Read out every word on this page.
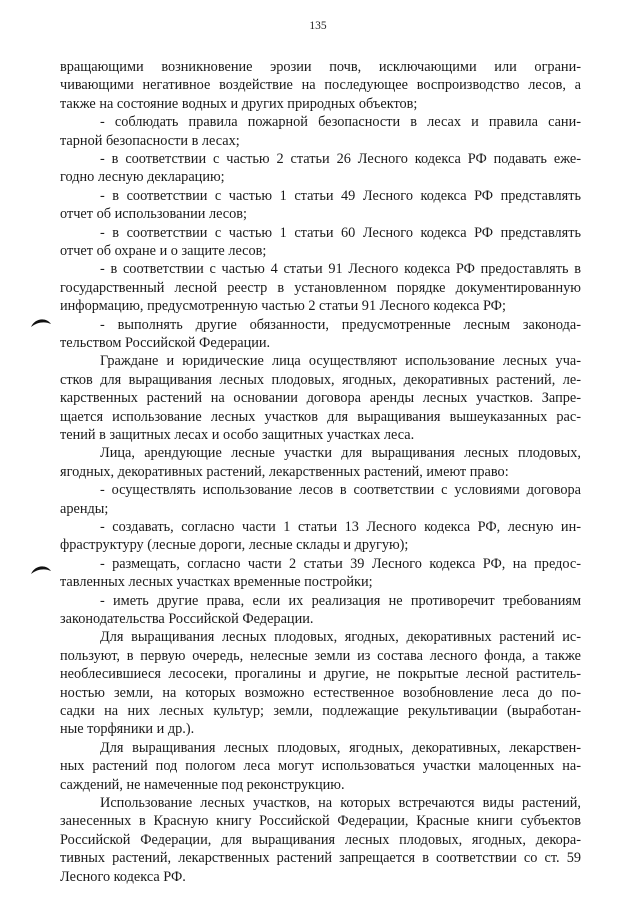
135
вращающими возникновение эрозии почв, исключающими или ограни-
чивающими негативное воздействие на последующее воспроизводство лесов, а
также на состояние водных и других природных объектов;
- соблюдать правила пожарной безопасности в лесах и правила сани-
тарной безопасности в лесах;
- в соответствии с частью 2 статьи 26 Лесного кодекса РФ подавать еже-
годно лесную декларацию;
- в соответствии с частью 1 статьи 49 Лесного кодекса РФ представлять
отчет об использовании лесов;
- в соответствии с частью 1 статьи 60 Лесного кодекса РФ представлять
отчет об охране и о защите лесов;
- в соответствии с частью 4 статьи 91 Лесного кодекса РФ предоставлять в
государственный лесной реестр в установленном порядке документированную
информацию, предусмотренную частью 2 статьи 91 Лесного кодекса РФ;
- выполнять другие обязанности, предусмотренные лесным законода-
тельством Российской Федерации.
Граждане и юридические лица осуществляют использование лесных уча-
стков для выращивания лесных плодовых, ягодных, декоративных растений, ле-
карственных растений на основании договора аренды лесных участков. Запре-
щается использование лесных участков для выращивания вышеуказанных рас-
тений в защитных лесах и особо защитных участках леса.
Лица, арендующие лесные участки для выращивания лесных плодовых,
ягодных, декоративных растений, лекарственных растений, имеют право:
- осуществлять использование лесов в соответствии с условиями договора
аренды;
- создавать, согласно части 1 статьи 13 Лесного кодекса РФ, лесную ин-
фраструктуру (лесные дороги, лесные склады и другую);
- размещать, согласно части 2 статьи 39 Лесного кодекса РФ, на предос-
тавленных лесных участках временные постройки;
- иметь другие права, если их реализация не противоречит требованиям
законодательства Российской Федерации.
Для выращивания лесных плодовых, ягодных, декоративных растений ис-
пользуют, в первую очередь, нелесные земли из состава лесного фонда, а также
необлесившиеся лесосеки, прогалины и другие, не покрытые лесной раститель-
ностью земли, на которых возможно естественное возобновление леса до по-
садки на них лесных культур; земли, подлежащие рекультивации (выработан-
ные торфяники и др.).
Для выращивания лесных плодовых, ягодных, декоративных, лекарствен-
ных растений под пологом леса могут использоваться участки малоценных на-
саждений, не намеченные под реконструкцию.
Использование лесных участков, на которых встречаются виды растений,
занесенных в Красную книгу Российской Федерации, Красные книги субъектов
Российской Федерации, для выращивания лесных плодовых, ягодных, декора-
тивных растений, лекарственных растений запрещается в соответствии со ст. 59
Лесного кодекса РФ.
